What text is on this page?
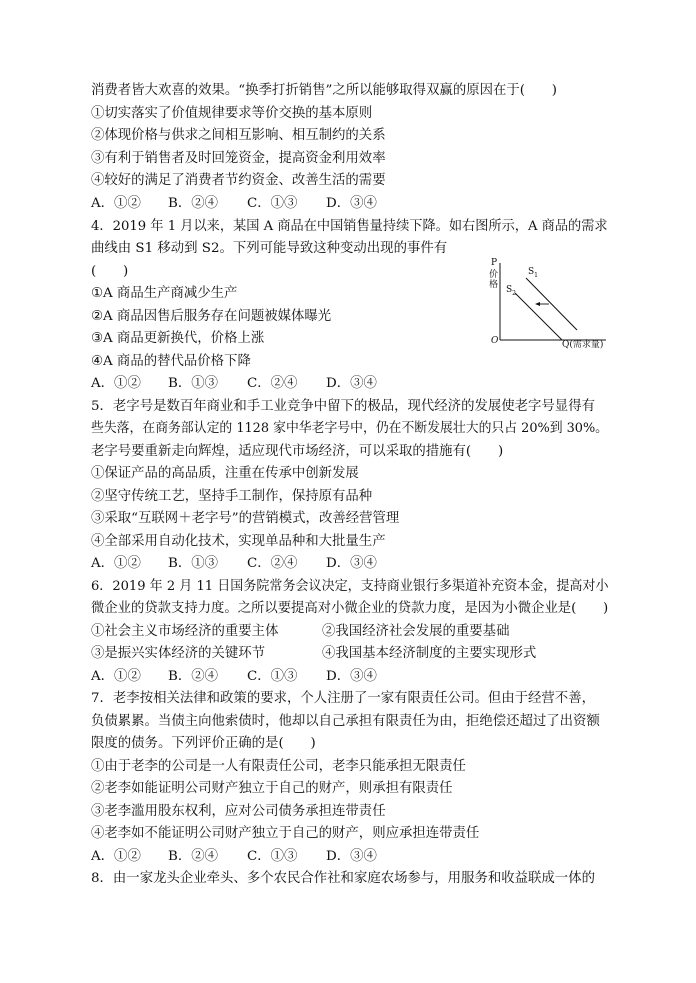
消费者皆大欢喜的效果。“换季打折销售”之所以能够取得双赢的原因在于(　　)
①切实落实了价值规律要求等价交换的基本原则
②体现价格与供求之间相互影响、相互制约的关系
③有利于销售者及时回笼资金，提高资金利用效率
④较好的满足了消费者节约资金、改善生活的需要
A．①② B．②④ C．①③ D．③④
4．2019 年 1 月以来，某国 A 商品在中国销售量持续下降。如右图所示，A 商品的需求
曲线由 S1 移动到 S2。下列可能导致这种变动出现的事件有
(　　)
①A 商品生产商减少生产
②A 商品因售后服务存在问题被媒体曝光
③A 商品更新换代，价格上涨
④A 商品的替代品价格下降
A．①② B．①③ C．②④ D．③④
P
价格
$S_1$
$S_2$
O	Q(需求量)
5．老字号是数百年商业和手工业竞争中留下的极品，现代经济的发展使老字号显得有
些失落，在商务部认定的 1128 家中华老字号中，仍在不断发展壮大的只占 20%到 30%。
老字号要重新走向辉煌，适应现代市场经济，可以采取的措施有(　　)
①保证产品的高品质，注重在传承中创新发展
②坚守传统工艺，坚持手工制作，保持原有品种
③采取“互联网＋老字号”的营销模式，改善经营管理
④全部采用自动化技术，实现单品种和大批量生产
A．①② B．①③ C．②④ D．③④
6．2019 年 2 月 11 日国务院常务会议决定，支持商业银行多渠道补充资本金，提高对小
微企业的贷款支持力度。之所以要提高对小微企业的贷款力度，是因为小微企业是(　　)
①社会主义市场经济的重要主体	②我国经济社会发展的重要基础
③是振兴实体经济的关键环节	④我国基本经济制度的主要实现形式
A．①② B．②④ C．①③ D．③④
7．老李按相关法律和政策的要求，个人注册了一家有限责任公司。但由于经营不善，
负债累累。当债主向他索债时，他却以自己承担有限责任为由，拒绝偿还超过了出资额
限度的债务。下列评价正确的是(　　)
①由于老李的公司是一人有限责任公司，老李只能承担无限责任
②老李如能证明公司财产独立于自己的财产，则承担有限责任
③老李滥用股东权利，应对公司债务承担连带责任
④老李如不能证明公司财产独立于自己的财产，则应承担连带责任
A．①② B．②④ C．①③ D．③④
8．由一家龙头企业牵头、多个农民合作社和家庭农场参与，用服务和收益联成一体的
